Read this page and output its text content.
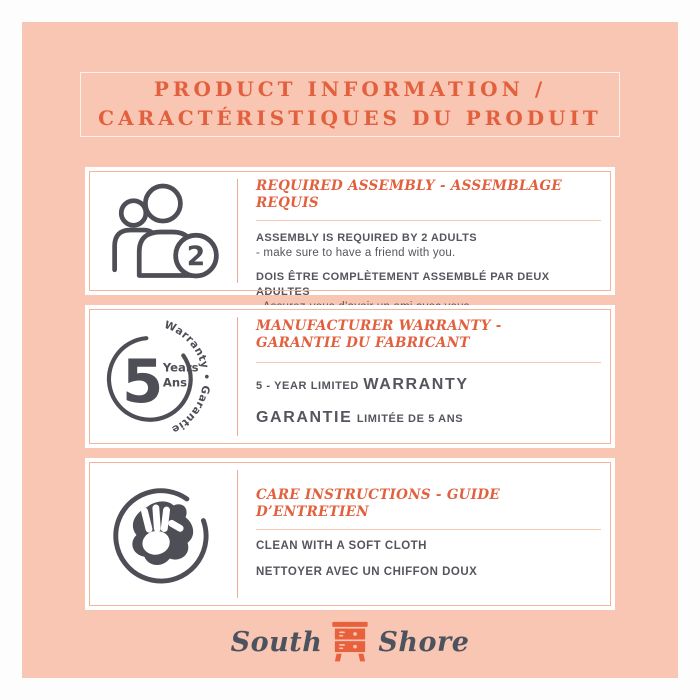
PRODUCT INFORMATION /
CARACTÉRISTIQUES DU PRODUIT
2
REQUIRED ASSEMBLY - ASSEMBLAGE REQUIS

ASSEMBLY IS REQUIRED BY 2 ADULTS
- make sure to have a friend with you.

DOIS ÊTRE COMPLÈTEMENT ASSEMBLÉ PAR DEUX ADULTES

5 Years
Ans
Warranty • Garantie
MANUFACTURER WARRANTY -
GARANTIE DU FABRICANT

5 - YEAR LIMITED WARRANTY

GARANTIE LIMITÉE DE 5 ANS

CARE INSTRUCTIONS - GUIDE D’ENTRETIEN

CLEAN WITH A SOFT CLOTH

NETTOYER AVEC UN CHIFFON DOUX

South Shore
